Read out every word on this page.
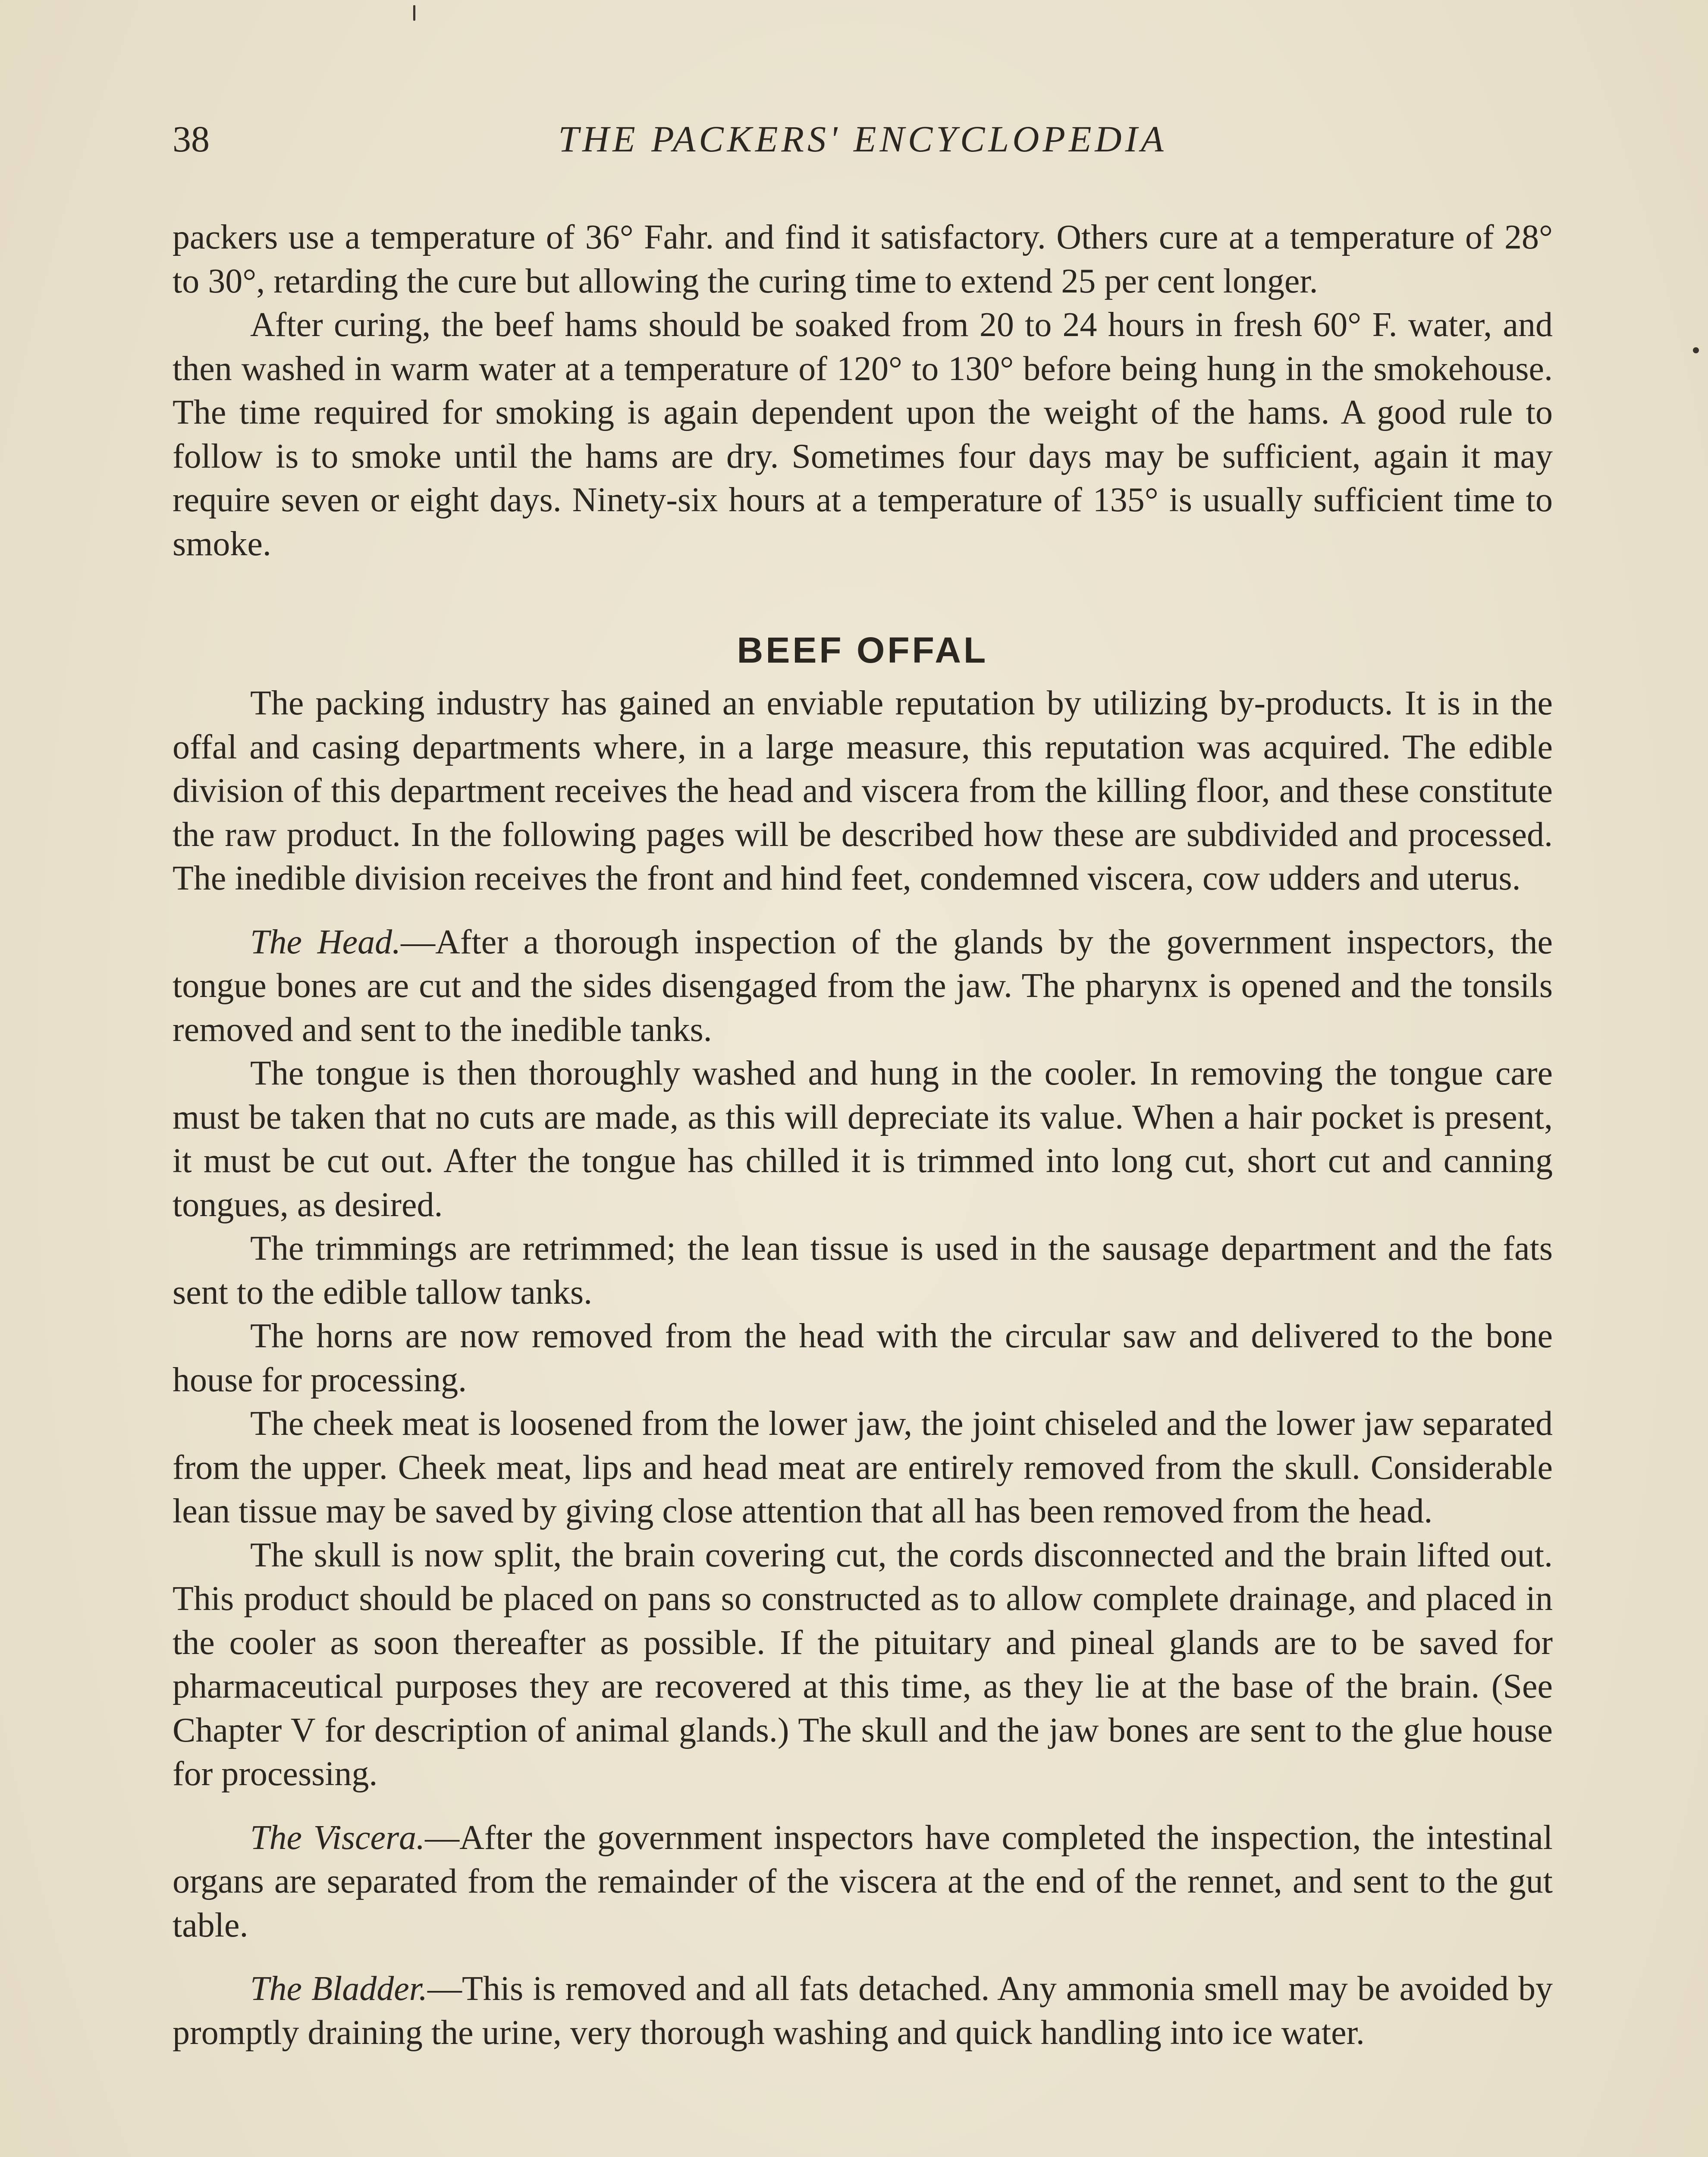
38	THE PACKERS' ENCYCLOPEDIA

packers use a temperature of 36° Fahr. and find it satisfactory. Others cure at a temperature of 28° to 30°, retarding the cure but allowing the curing time to extend 25 per cent longer.

After curing, the beef hams should be soaked from 20 to 24 hours in fresh 60° F. water, and then washed in warm water at a temperature of 120° to 130° before being hung in the smokehouse. The time required for smoking is again dependent upon the weight of the hams. A good rule to follow is to smoke until the hams are dry. Sometimes four days may be sufficient, again it may require seven or eight days. Ninety-six hours at a temperature of 135° is usually sufficient time to smoke.

BEEF OFFAL

The packing industry has gained an enviable reputation by utilizing by-products. It is in the offal and casing departments where, in a large measure, this reputation was acquired. The edible division of this department receives the head and viscera from the killing floor, and these constitute the raw product. In the following pages will be described how these are subdivided and processed. The inedible division receives the front and hind feet, condemned viscera, cow udders and uterus.

The Head.—After a thorough inspection of the glands by the government inspectors, the tongue bones are cut and the sides disengaged from the jaw. The pharynx is opened and the tonsils removed and sent to the inedible tanks.

The tongue is then thoroughly washed and hung in the cooler. In removing the tongue care must be taken that no cuts are made, as this will depreciate its value. When a hair pocket is present, it must be cut out. After the tongue has chilled it is trimmed into long cut, short cut and canning tongues, as desired.

The trimmings are retrimmed; the lean tissue is used in the sausage department and the fats sent to the edible tallow tanks.

The horns are now removed from the head with the circular saw and delivered to the bone house for processing.

The cheek meat is loosened from the lower jaw, the joint chiseled and the lower jaw separated from the upper. Cheek meat, lips and head meat are entirely removed from the skull. Considerable lean tissue may be saved by giving close attention that all has been removed from the head.

The skull is now split, the brain covering cut, the cords disconnected and the brain lifted out. This product should be placed on pans so constructed as to allow complete drainage, and placed in the cooler as soon thereafter as possible. If the pituitary and pineal glands are to be saved for pharmaceutical purposes they are recovered at this time, as they lie at the base of the brain. (See Chapter V for description of animal glands.) The skull and the jaw bones are sent to the glue house for processing.

The Viscera.—After the government inspectors have completed the inspection, the intestinal organs are separated from the remainder of the viscera at the end of the rennet, and sent to the gut table.

The Bladder.—This is removed and all fats detached. Any ammonia smell may be avoided by promptly draining the urine, very thorough washing and quick handling into ice water.
